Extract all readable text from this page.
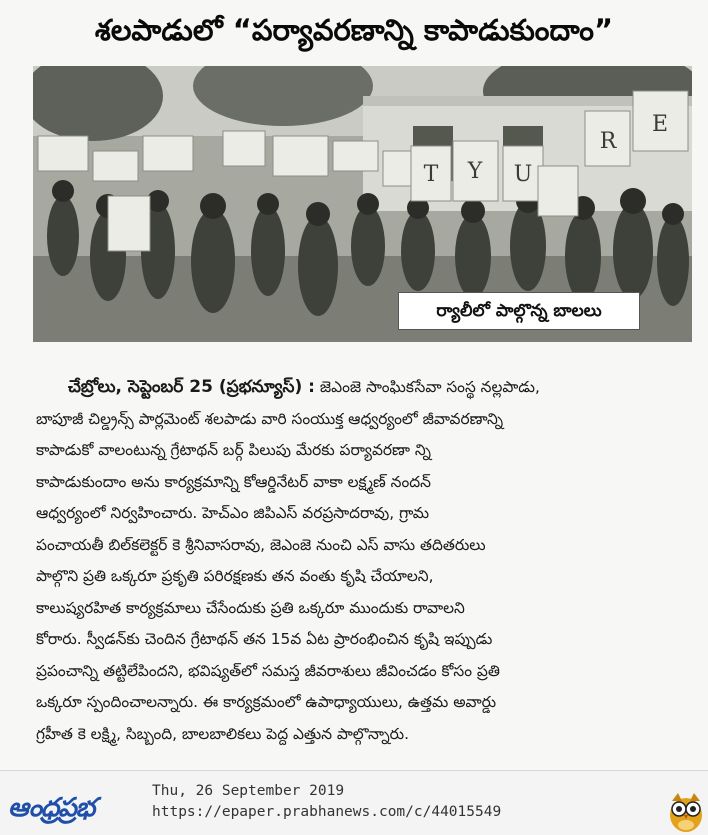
శలపాడులో “పర్యావరణాన్ని కాపాడుకుందాం”
R
E
T Y U
ర్యాలీలో పాల్గొన్న బాలలు
చేబ్రోలు, సెప్టెంబర్ 25 (ప్రభన్యూస్) : జెఎంజె సాంఘికసేవా సంస్థ నల్లపాడు,
బాపూజీ చిల్డ్రన్స్ పార్లమెంట్ శలపాడు వారి సంయుక్త ఆధ్వర్యంలో జీవావరణాన్ని
కాపాడుకో వాలంటున్న గ్రేటాథన్ బర్గ్ పిలుపు మేరకు పర్యావరణా న్ని
కాపాడుకుందాం అను కార్యక్రమాన్ని కోఆర్డినేటర్ వాకా లక్ష్మణ్ నందన్
ఆధ్వర్యంలో నిర్వహించారు. హెచ్ఎం జిపిఎస్ వరప్రసాదరావు, గ్రామ
పంచాయతీ బిల్‌కలెక్టర్ కె శ్రీనివాసరావు, జెఎంజె నుంచి ఎస్ వాసు తదితరులు
పాల్గొని ప్రతి ఒక్కరూ ప్రకృతి పరిరక్షణకు తన వంతు కృషి చేయాలని,
కాలుష్యరహిత కార్యక్రమాలు చేసేందుకు ప్రతి ఒక్కరూ ముందుకు రావాలని
కోరారు. స్వీడన్‌కు చెందిన గ్రేటాథన్ తన 15వ ఏట ప్రారంభించిన కృషి ఇప్పుడు
ప్రపంచాన్ని తట్టిలేపిందని, భవిష్యత్‌లో సమస్త జీవరాశులు జీవించడం కోసం ప్రతి
ఒక్కరూ స్పందించాలన్నారు. ఈ కార్యక్రమంలో ఉపాధ్యాయులు, ఉత్తమ అవార్డు
గ్రహీత కె లక్ష్మి, సిబ్బంది, బాలబాలికలు పెద్ద ఎత్తున పాల్గొన్నారు.
ఆంధ్రప్రభ
Thu, 26 September 2019
https://epaper.prabhanews.com/c/44015549
